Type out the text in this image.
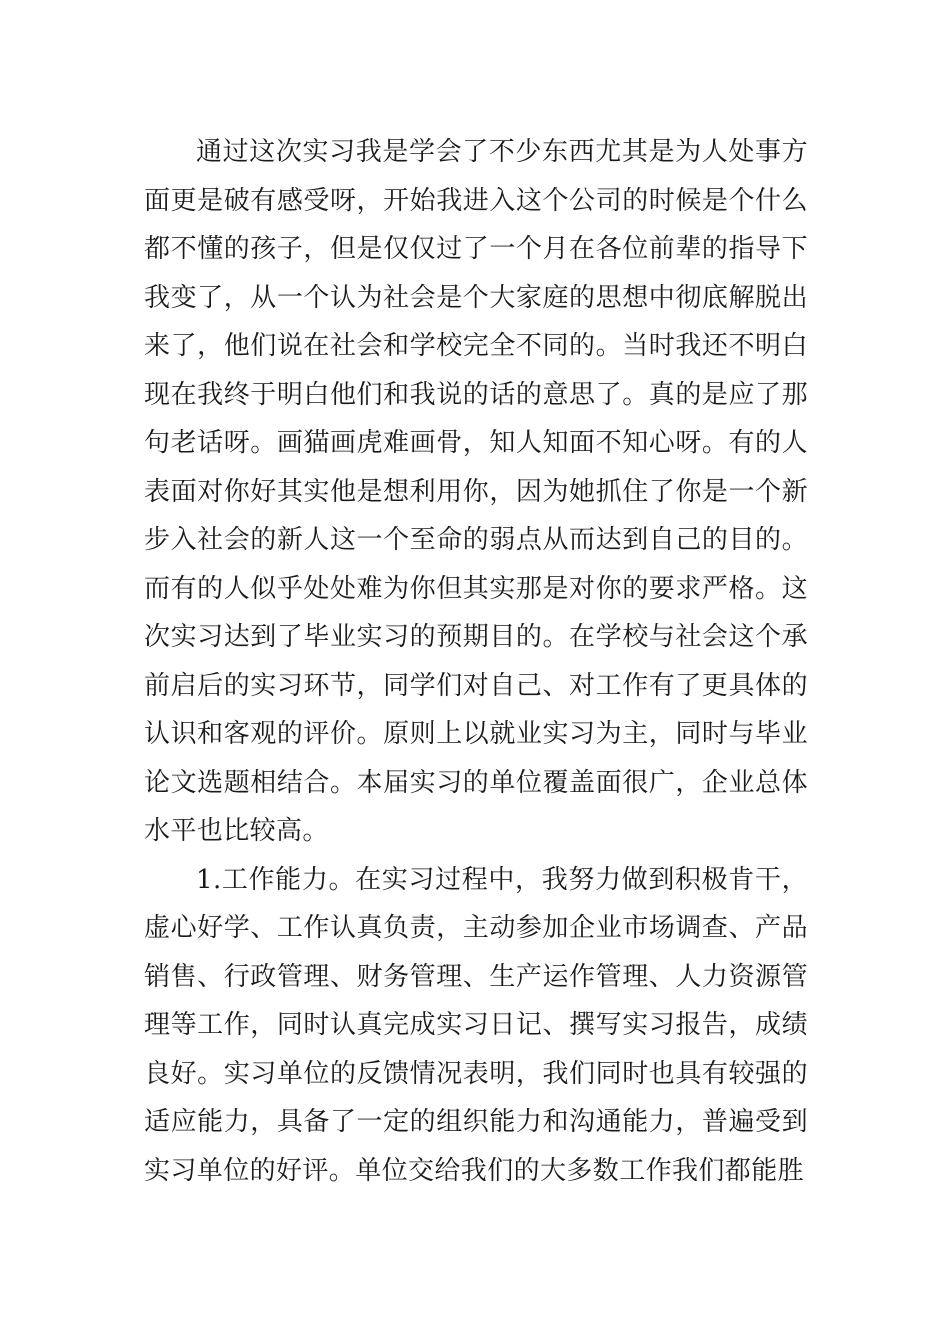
通过这次实习我是学会了不少东西尤其是为人处事方面更是破有感受呀，开始我进入这个公司的时候是个什么都不懂的孩子，但是仅仅过了一个月在各位前辈的指导下我变了，从一个认为社会是个大家庭的思想中彻底解脱出来了，他们说在社会和学校完全不同的。当时我还不明白现在我终于明白他们和我说的话的意思了。真的是应了那句老话呀。画猫画虎难画骨，知人知面不知心呀。有的人表面对你好其实他是想利用你，因为她抓住了你是一个新步入社会的新人这一个至命的弱点从而达到自己的目的。而有的人似乎处处难为你但其实那是对你的要求严格。这次实习达到了毕业实习的预期目的。在学校与社会这个承前启后的实习环节，同学们对自己、对工作有了更具体的认识和客观的评价。原则上以就业实习为主，同时与毕业论文选题相结合。本届实习的单位覆盖面很广，企业总体水平也比较高。

1.工作能力。在实习过程中，我努力做到积极肯干，虚心好学、工作认真负责，主动参加企业市场调查、产品销售、行政管理、财务管理、生产运作管理、人力资源管理等工作，同时认真完成实习日记、撰写实习报告，成绩良好。实习单位的反馈情况表明，我们同时也具有较强的适应能力，具备了一定的组织能力和沟通能力，普遍受到实习单位的好评。单位交给我们的大多数工作我们都能胜
